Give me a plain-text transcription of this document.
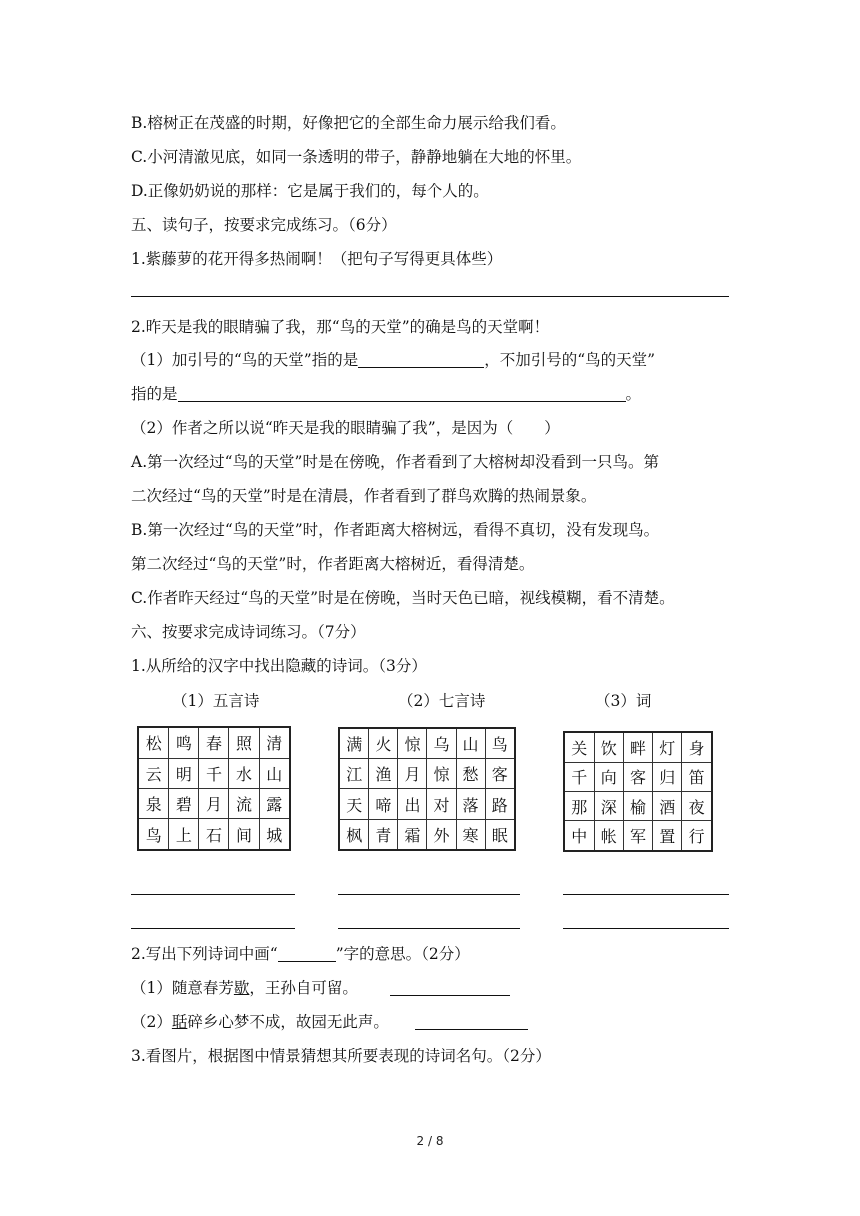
B.榕树正在茂盛的时期，好像把它的全部生命力展示给我们看。
C.小河清澈见底，如同一条透明的带子，静静地躺在大地的怀里。
D.正像奶奶说的那样：它是属于我们的，每个人的。
五、读句子，按要求完成练习。（6分）
1.紫藤萝的花开得多热闹啊！（把句子写得更具体些）
2.昨天是我的眼睛骗了我，那“鸟的天堂”的确是鸟的天堂啊！
（1）加引号的“鸟的天堂”指的是	，不加引号的“鸟的天堂”
指的是	。
（2）作者之所以说“昨天是我的眼睛骗了我”，是因为（　　）
A.第一次经过“鸟的天堂”时是在傍晚，作者看到了大榕树却没看到一只鸟。第
二次经过“鸟的天堂”时是在清晨，作者看到了群鸟欢腾的热闹景象。
B.第一次经过“鸟的天堂”时，作者距离大榕树远，看得不真切，没有发现鸟。
第二次经过“鸟的天堂”时，作者距离大榕树近，看得清楚。
C.作者昨天经过“鸟的天堂”时是在傍晚，当时天色已暗，视线模糊，看不清楚。
六、按要求完成诗词练习。（7分）
1.从所给的汉字中找出隐藏的诗词。（3分）
（1）五言诗	（2）七言诗	（3）词
松	鸣	春	照	清
云	明	千	水	山
泉	碧	月	流	露
鸟	上	石	间	城
满	火	惊	乌	山	鸟
江	渔	月	惊	愁	客
天	啼	出	对	落	路
枫	青	霜	外	寒	眠
关	饮	畔	灯	身
千	向	客	归	笛
那	深	榆	酒	夜
中	帐	军	置	行
2.写出下列诗词中画“	”字的意思。（2分）
（1）随意春芳歇，王孙自可留。
（2）聒碎乡心梦不成，故园无此声。
3.看图片，根据图中情景猜想其所要表现的诗词名句。（2分）
2 / 8
